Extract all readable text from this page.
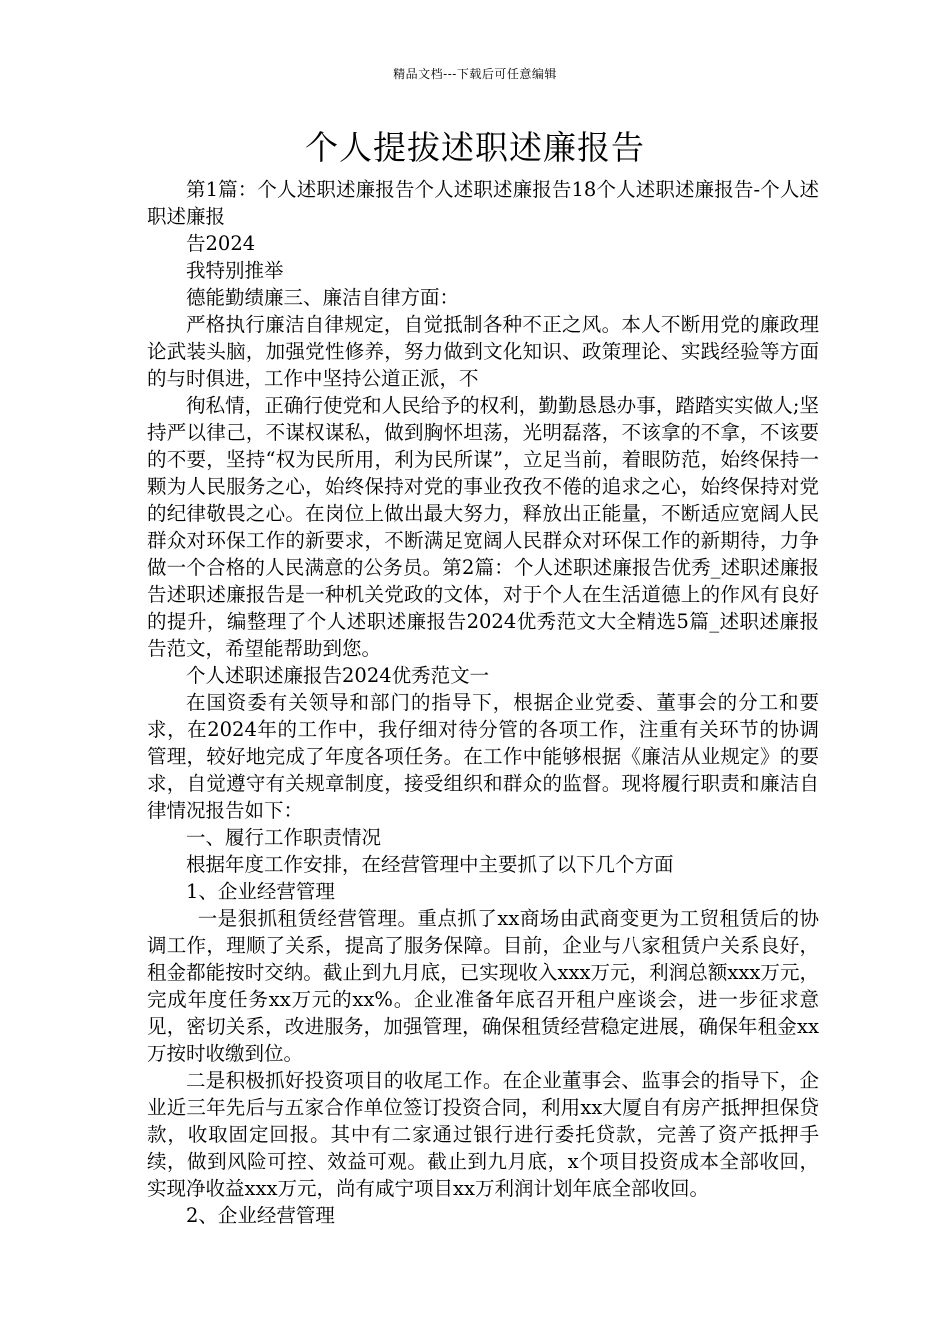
精品文档---下载后可任意编辑
个人提拔述职述廉报告

第1篇：个人述职述廉报告个人述职述廉报告18个人述职述廉报告-个人述职述廉报

告2024

我特别推举

德能勤绩廉三、廉洁自律方面：

严格执行廉洁自律规定，自觉抵制各种不正之风。本人不断用党的廉政理论武装头脑，加强党性修养，努力做到文化知识、政策理论、实践经验等方面的与时俱进，工作中坚持公道正派，不

徇私情，正确行使党和人民给予的权利，勤勤恳恳办事，踏踏实实做人;坚持严以律己，不谋权谋私，做到胸怀坦荡，光明磊落，不该拿的不拿，不该要的不要，坚持“权为民所用，利为民所谋”，立足当前，着眼防范，始终保持一颗为人民服务之心，始终保持对党的事业孜孜不倦的追求之心，始终保持对党的纪律敬畏之心。在岗位上做出最大努力，释放出正能量，不断适应宽阔人民群众对环保工作的新要求，不断满足宽阔人民群众对环保工作的新期待，力争做一个合格的人民满意的公务员。第2篇：个人述职述廉报告优秀_述职述廉报告述职述廉报告是一种机关党政的文体，对于个人在生活道德上的作风有良好的提升，编整理了个人述职述廉报告2024优秀范文大全精选5篇_述职述廉报告范文，希望能帮助到您。

个人述职述廉报告2024优秀范文一

在国资委有关领导和部门的指导下，根据企业党委、董事会的分工和要求，在2024年的工作中，我仔细对待分管的各项工作，注重有关环节的协调管理，较好地完成了年度各项任务。在工作中能够根据《廉洁从业规定》的要求，自觉遵守有关规章制度，接受组织和群众的监督。现将履行职责和廉洁自律情况报告如下：

一、履行工作职责情况

根据年度工作安排，在经营管理中主要抓了以下几个方面

1、企业经营管理

一是狠抓租赁经营管理。重点抓了xx商场由武商变更为工贸租赁后的协调工作，理顺了关系，提高了服务保障。目前，企业与八家租赁户关系良好，租金都能按时交纳。截止到九月底，已实现收入xxx万元，利润总额xxx万元，完成年度任务xx万元的xx%。企业准备年底召开租户座谈会，进一步征求意见，密切关系，改进服务，加强管理，确保租赁经营稳定进展，确保年租金xx万按时收缴到位。

二是积极抓好投资项目的收尾工作。在企业董事会、监事会的指导下，企业近三年先后与五家合作单位签订投资合同，利用xx大厦自有房产抵押担保贷款，收取固定回报。其中有二家通过银行进行委托贷款，完善了资产抵押手续，做到风险可控、效益可观。截止到九月底，x个项目投资成本全部收回，实现净收益xxx万元，尚有咸宁项目xx万利润计划年底全部收回。

2、企业经营管理
